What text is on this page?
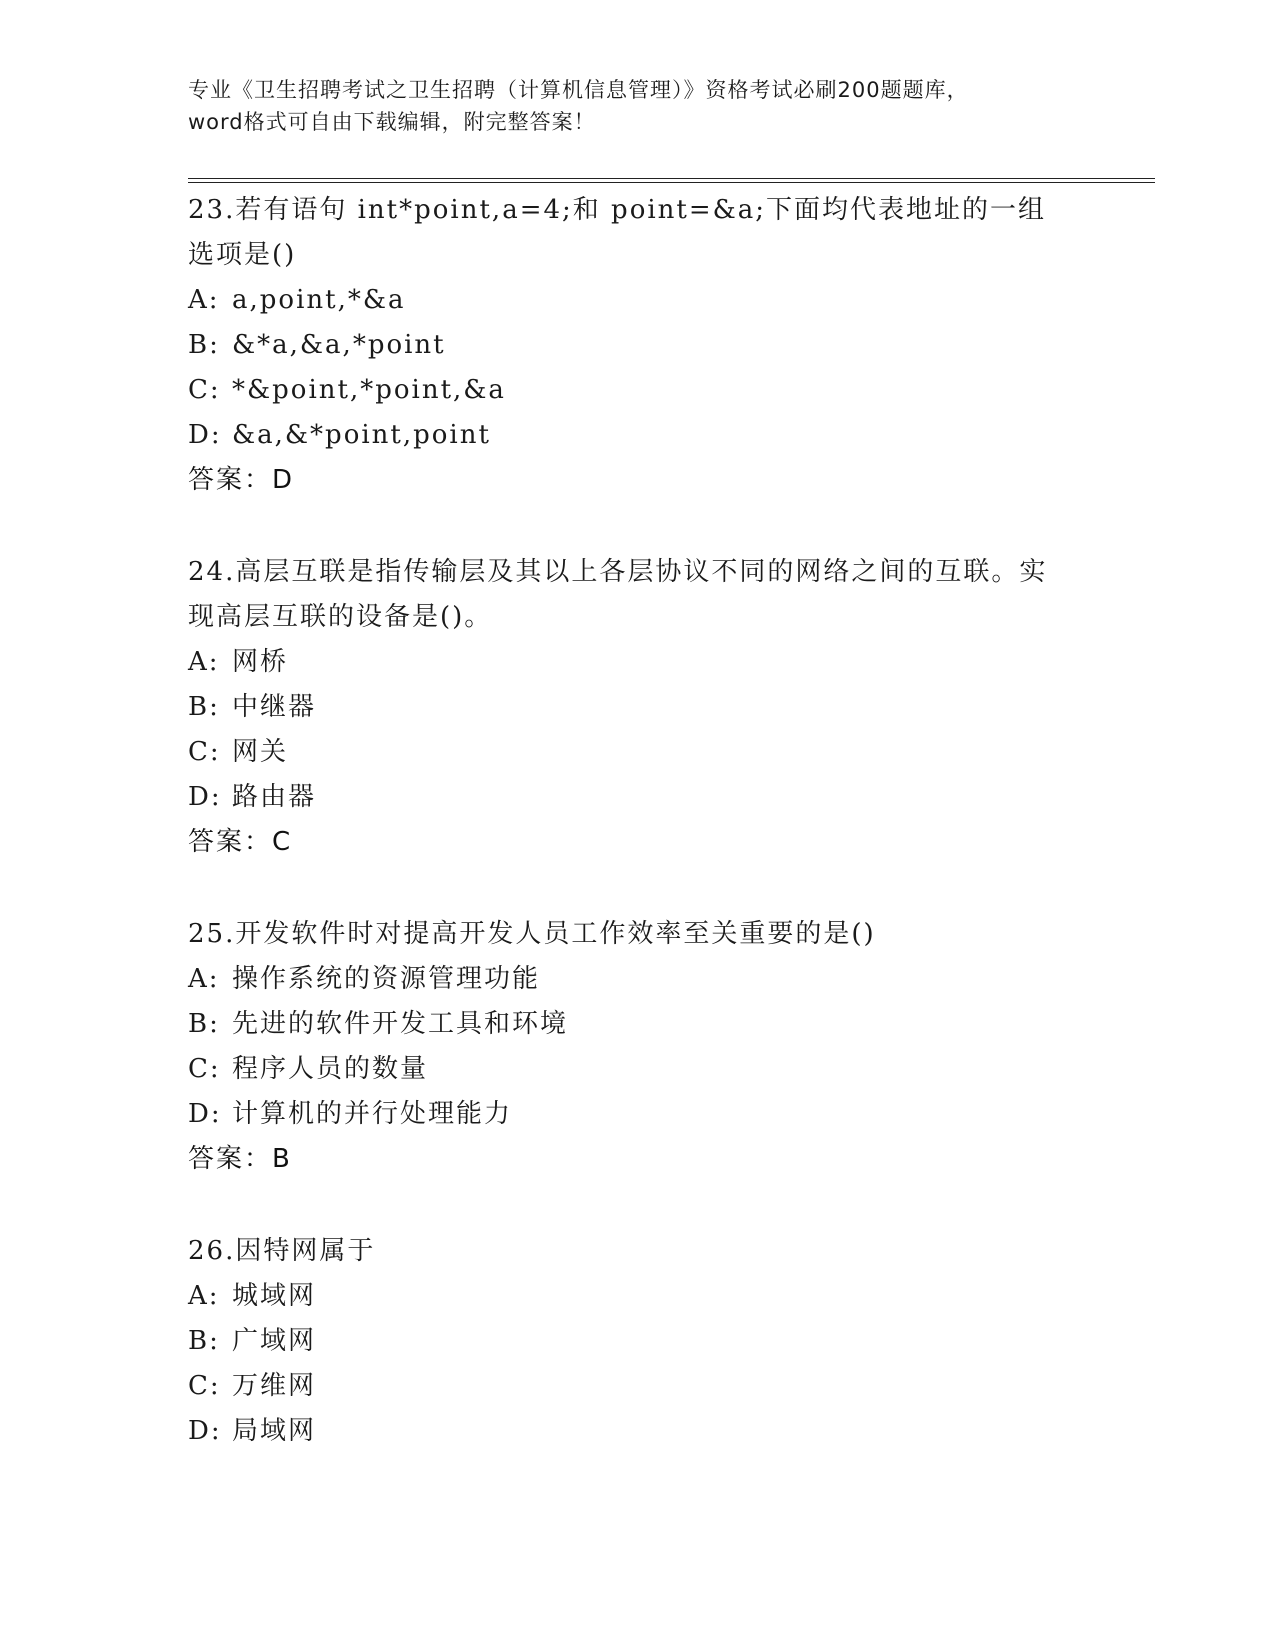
专业《卫生招聘考试之卫生招聘（计算机信息管理）》资格考试必刷200题题库，
word格式可自由下载编辑，附完整答案！

23.若有语句 int*point,a=4;和 point=&a;下面均代表地址的一组选项是()

A: a,point,*&a
B: &*a,&a,*point
C: *&point,*point,&a
D: &a,&*point,point

答案：D

24.高层互联是指传输层及其以上各层协议不同的网络之间的互联。实现高层互联的设备是()。

A: 网桥
B: 中继器
C: 网关
D: 路由器

答案：C

25.开发软件时对提高开发人员工作效率至关重要的是()

A: 操作系统的资源管理功能
B: 先进的软件开发工具和环境
C: 程序人员的数量
D: 计算机的并行处理能力

答案：B

26.因特网属于

A: 城域网
B: 广域网
C: 万维网
D: 局域网
